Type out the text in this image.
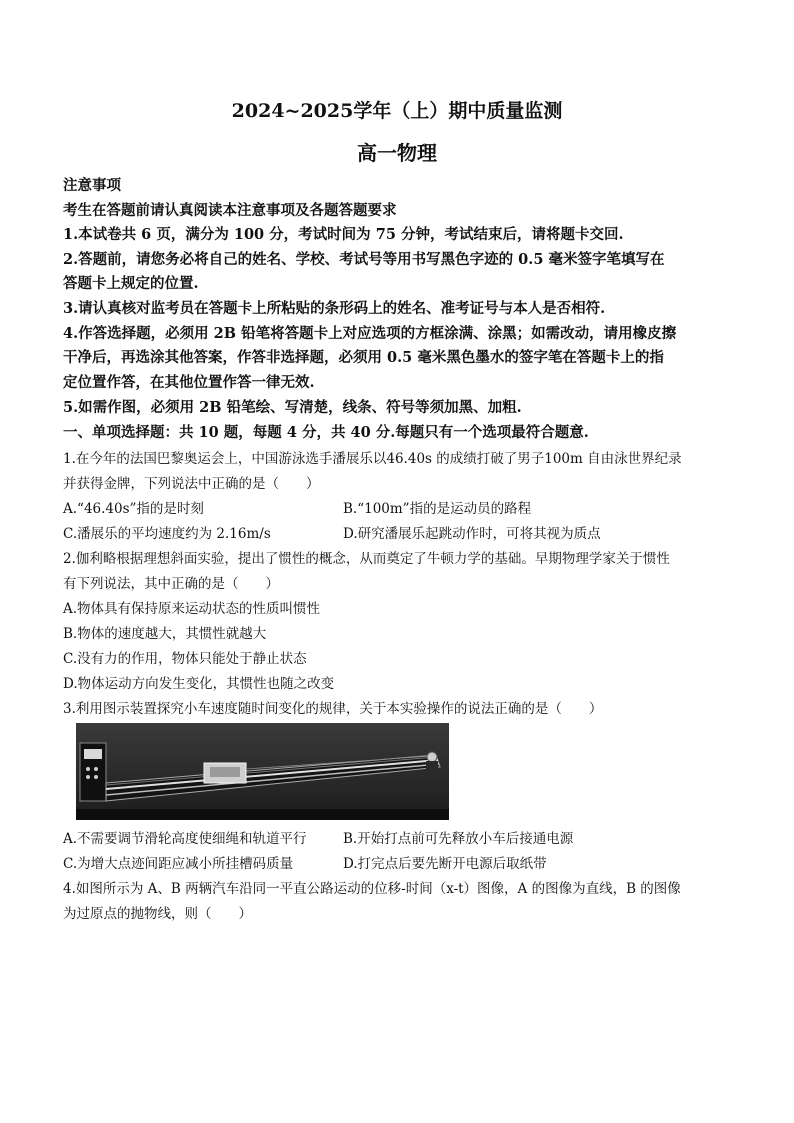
2024~2025学年（上）期中质量监测
高一物理
注意事项
考生在答题前请认真阅读本注意事项及各题答题要求
1.本试卷共 6 页，满分为 100 分，考试时间为 75 分钟，考试结束后，请将题卡交回.
2.答题前，请您务必将自己的姓名、学校、考试号等用书写黑色字迹的 0.5 毫米签字笔填写在
答题卡上规定的位置.
3.请认真核对监考员在答题卡上所粘贴的条形码上的姓名、准考证号与本人是否相符.
4.作答选择题，必须用 2B 铅笔将答题卡上对应选项的方框涂满、涂黑；如需改动，请用橡皮擦
干净后，再选涂其他答案，作答非选择题，必须用 0.5 毫米黑色墨水的签字笔在答题卡上的指
定位置作答，在其他位置作答一律无效.
5.如需作图，必须用 2B 铅笔绘、写清楚，线条、符号等须加黑、加粗.
一、单项选择题：共 10 题，每题 4 分，共 40 分.每题只有一个选项最符合题意.
1.在今年的法国巴黎奥运会上，中国游泳选手潘展乐以46.40s 的成绩打破了男子100m 自由泳世界纪录
并获得金牌，下列说法中正确的是（　　）
A.“46.40s”指的是时刻	B.“100m”指的是运动员的路程
C.潘展乐的平均速度约为 2.16m/s	D.研究潘展乐起跳动作时，可将其视为质点
2.伽利略根据理想斜面实验，提出了惯性的概念，从而奠定了牛顿力学的基础。早期物理学家关于惯性
有下列说法，其中正确的是（　　）
A.物体具有保持原来运动状态的性质叫惯性
B.物体的速度越大，其惯性就越大
C.没有力的作用，物体只能处于静止状态
D.物体运动方向发生变化，其惯性也随之改变
3.利用图示装置探究小车速度随时间变化的规律，关于本实验操作的说法正确的是（　　）
A.不需要调节滑轮高度使细绳和轨道平行	B.开始打点前可先释放小车后接通电源
C.为增大点迹间距应减小所挂槽码质量	D.打完点后要先断开电源后取纸带
4.如图所示为 A、B 两辆汽车沿同一平直公路运动的位移-时间（x-t）图像，A 的图像为直线，B 的图像
为过原点的抛物线，则（　　）
